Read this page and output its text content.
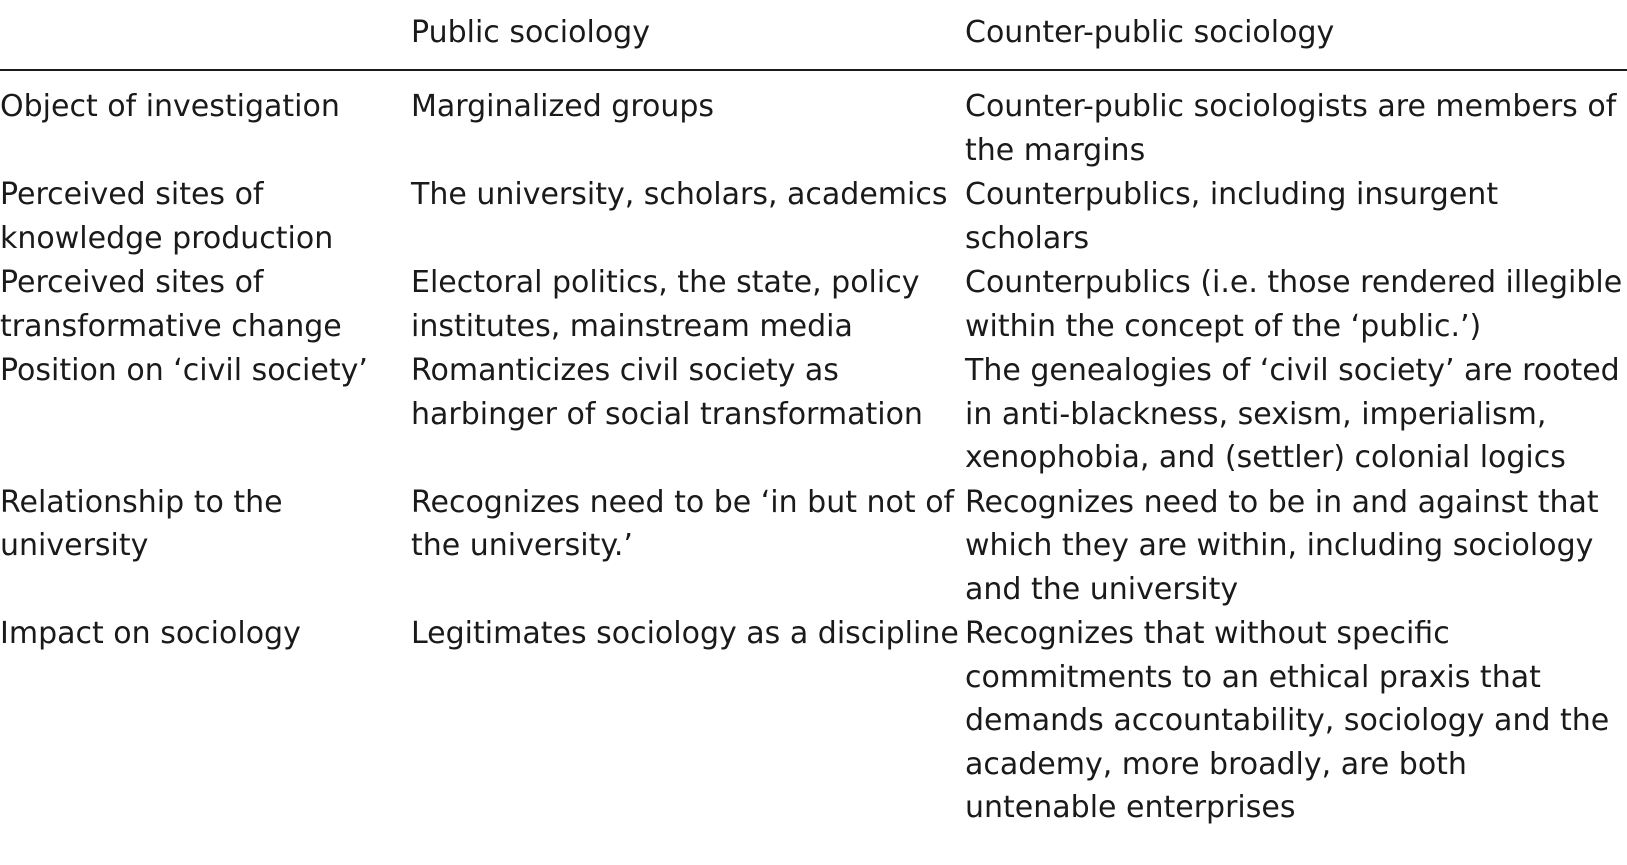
	Public sociology	Counter-public sociology
Object of investigation	Marginalized groups	Counter-public sociologists are members of the margins
Perceived sites of knowledge production	The university, scholars, academics	Counterpublics, including insurgent scholars
Perceived sites of transformative change	Electoral politics, the state, policy institutes, mainstream media	Counterpublics (i.e. those rendered illegible within the concept of the ‘public.’)
Position on ‘civil society’	Romanticizes civil society as harbinger of social transformation	The genealogies of ‘civil society’ are rooted in anti-blackness, sexism, imperialism, xenophobia, and (settler) colonial logics
Relationship to the university	Recognizes need to be ‘in but not of the university.’	Recognizes need to be in and against that which they are within, including sociology and the university
Impact on sociology	Legitimates sociology as a discipline	Recognizes that without specific commitments to an ethical praxis that demands accountability, sociology and the academy, more broadly, are both untenable enterprises
